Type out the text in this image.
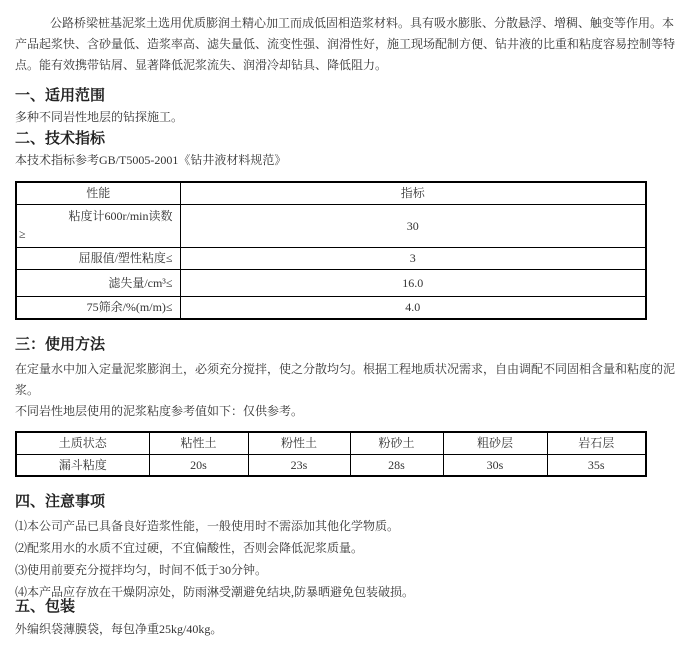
公路桥梁桩基泥浆土选用优质膨润土精心加工而成低固相造浆材料。具有吸水膨胀、分散悬浮、增稠、触变等作用。本产品起浆快、含砂量低、造浆率高、滤失量低、流变性强、润滑性好，施工现场配制方便、钻井液的比重和粘度容易控制等特点。能有效携带钻屑、显著降低泥浆流失、润滑冷却钻具、降低阻力。

一、适用范围

多种不同岩性地层的钻探施工。

二、技术指标

本技术指标参考GB/T5005-2001《钻井液材料规范》

性能	指标

粘度计600r/min读数
≥	30
屈服值/塑性粘度≤	3
滤失量/cm³≤	16.0
75筛余/%(m/m)≤	4.0
三：使用方法

在定量水中加入定量泥浆膨润土，必须充分搅拌，使之分散均匀。根据工程地质状况需求，自由调配不同固相含量和粘度的泥浆。

不同岩性地层使用的泥浆粘度参考值如下：仅供参考。

土质状态	粘性土	粉性土	粉砂土	粗砂层	岩石层
漏斗粘度	20s	23s	28s	30s	35s
四、注意事项

⑴本公司产品已具备良好造浆性能，一般使用时不需添加其他化学物质。

⑵配浆用水的水质不宜过硬，不宜偏酸性，否则会降低泥浆质量。

⑶使用前要充分搅拌均匀，时间不低于30分钟。

⑷本产品应存放在干燥阴凉处，防雨淋受潮避免结块,防暴晒避免包装破损。

五、包装

外编织袋薄膜袋，每包净重25kg/40kg。
